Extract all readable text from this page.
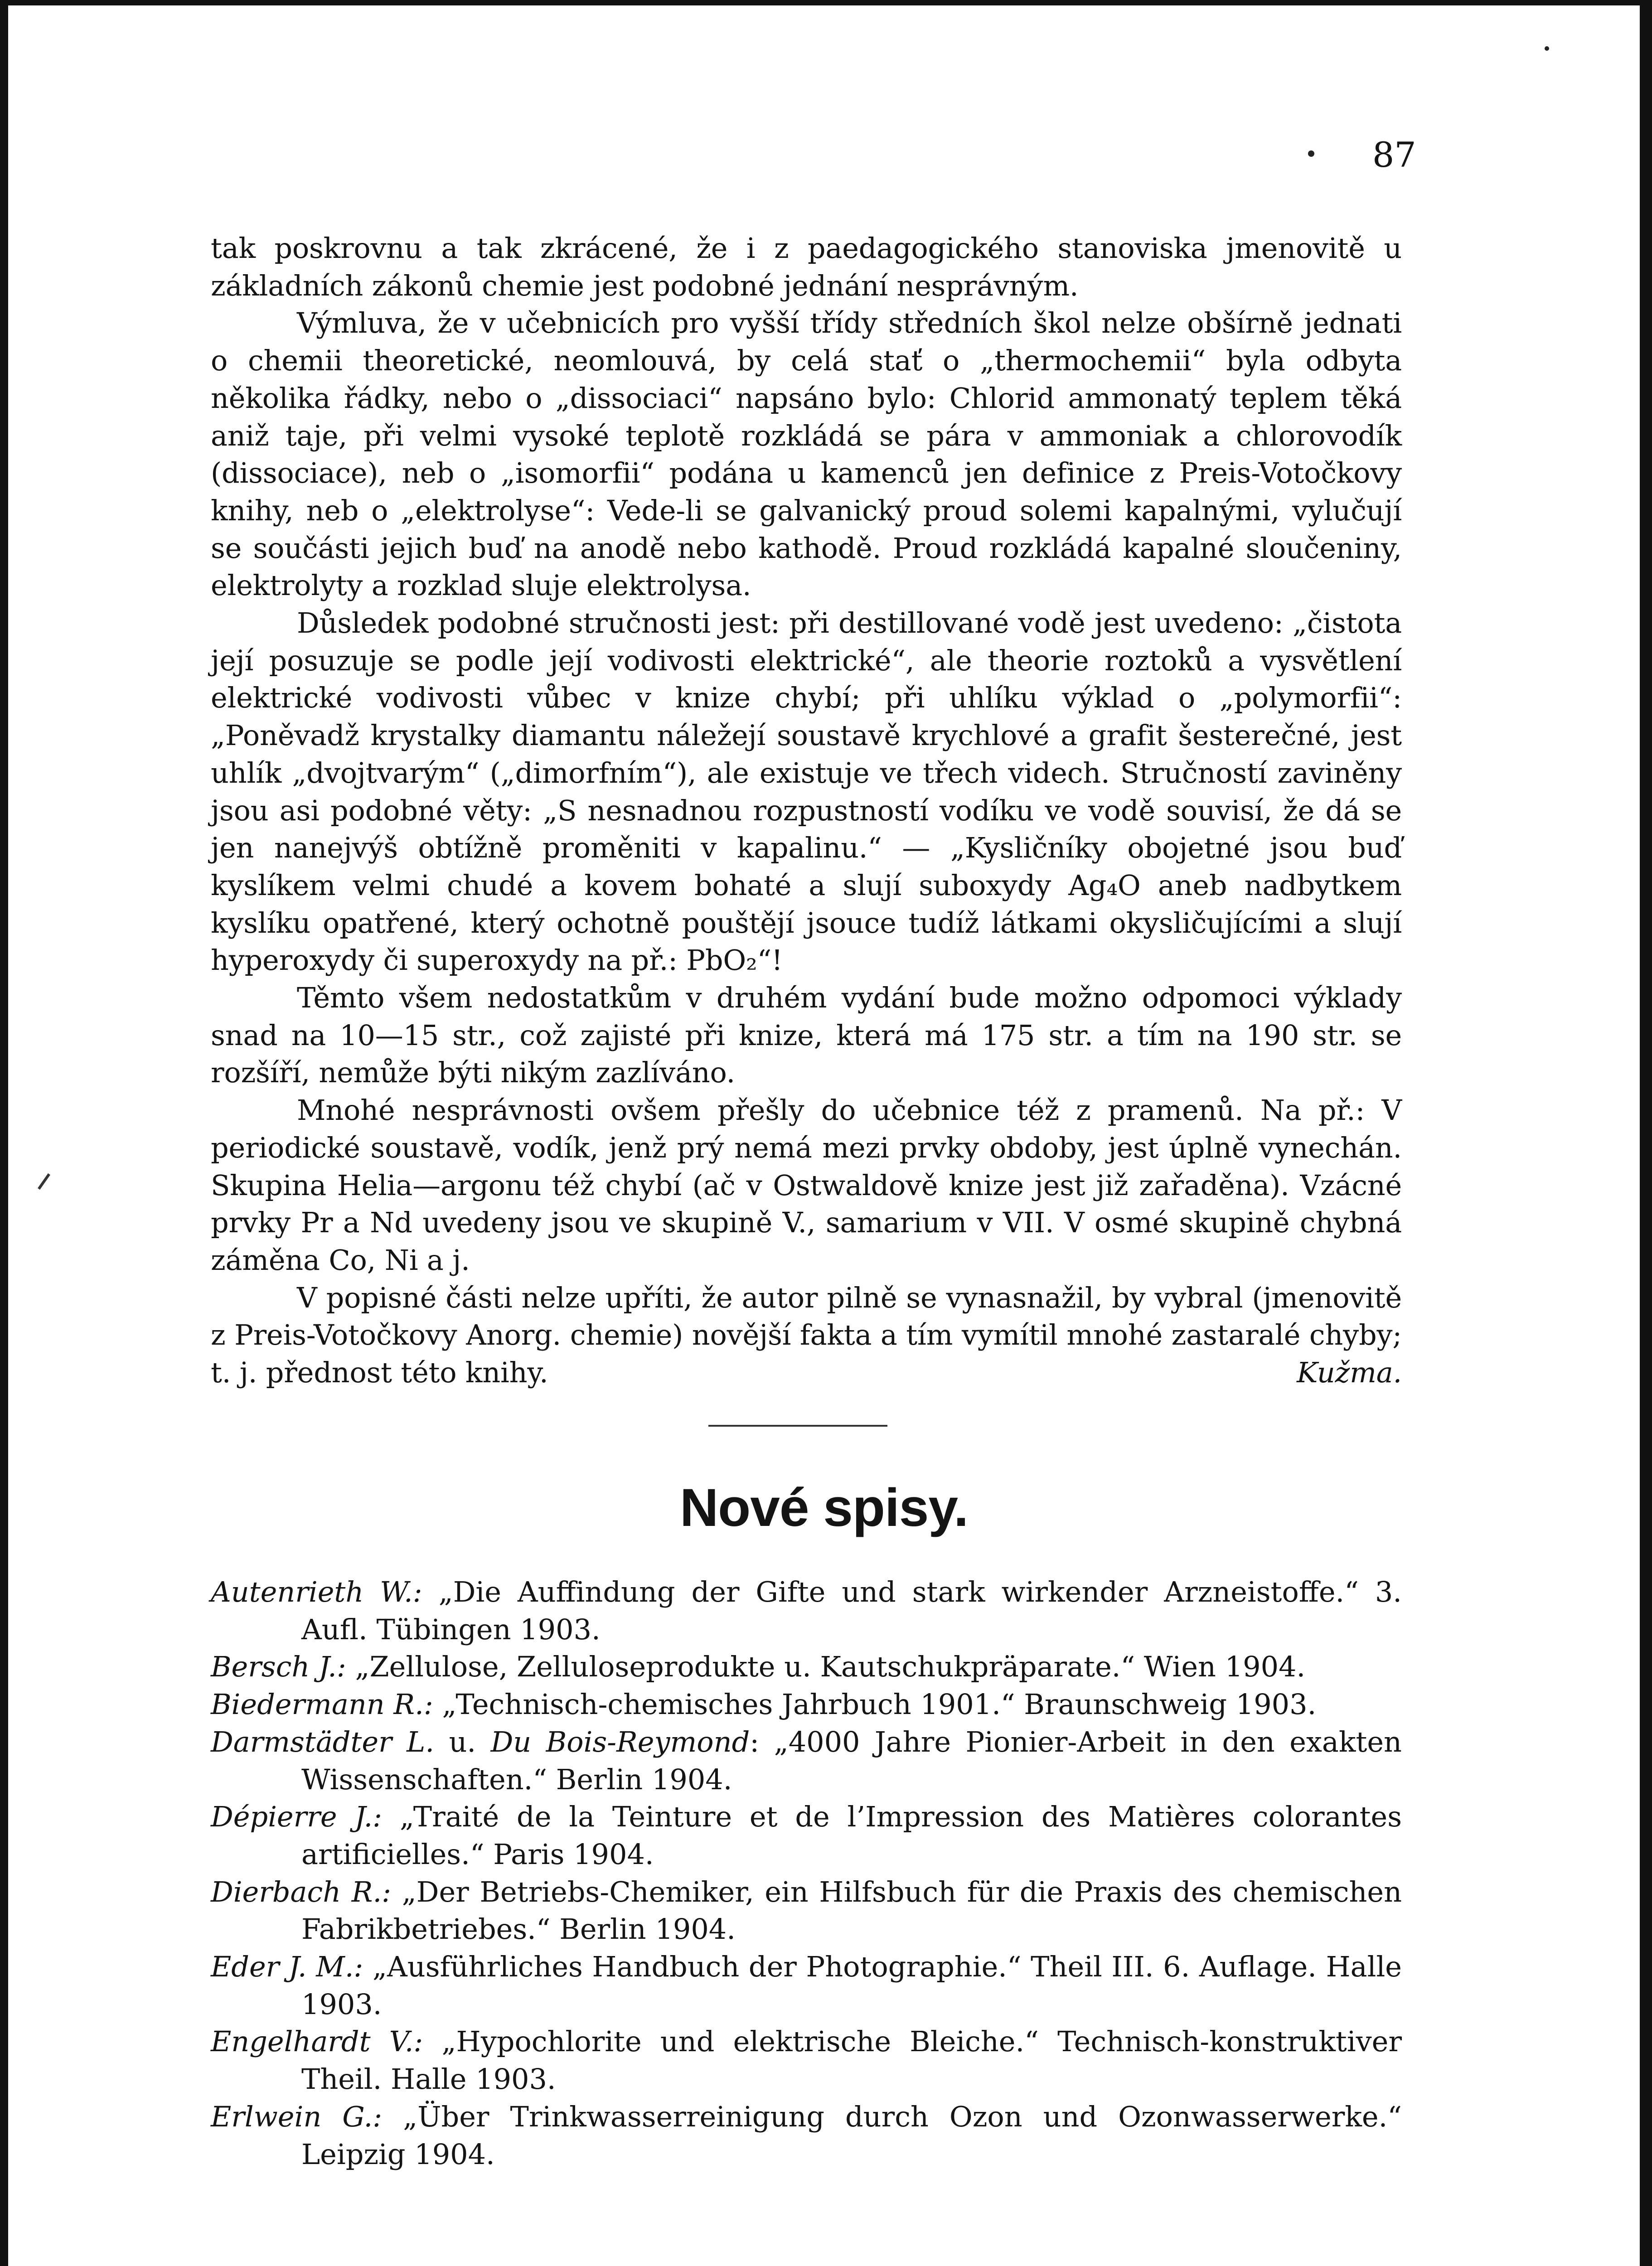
87

tak poskrovnu a tak zkrácené, že i z paedagogického stanoviska jmenovitě u základních zákonů chemie jest podobné jednání nesprávným.

Výmluva, že v učebnicích pro vyšší třídy středních škol nelze obšírně jednati o chemii theoretické, neomlouvá, by celá stať o „thermochemii“ byla odbyta několika řádky, nebo o „dissociaci“ napsáno bylo: Chlorid ammonatý teplem těká aniž taje, při velmi vysoké teplotě rozkládá se pára v ammoniak a chlorovodík (dissociace), neb o „isomorfii“ podána u kamenců jen definice z Preis-Votočkovy knihy, neb o „elektrolyse“: Vede-li se galvanický proud solemi kapalnými, vylučují se součásti jejich buď na anodě nebo kathodě. Proud rozkládá kapalné sloučeniny, elektrolyty a rozklad sluje elektrolysa.

Důsledek podobné stručnosti jest: při destillované vodě jest uvedeno: „čistota její posuzuje se podle její vodivosti elektrické“, ale theorie roztoků a vysvětlení elektrické vodivosti vůbec v knize chybí; při uhlíku výklad o „polymorfii“: „Poněvadž krystalky diamantu náležejí soustavě krychlové a grafit šesterečné, jest uhlík „dvojtvarým“ („dimorfním“), ale existuje ve třech videch. Stručností zaviněny jsou asi podobné věty: „S nesnadnou rozpustností vodíku ve vodě souvisí, že dá se jen nanejvýš obtížně proměniti v kapalinu.“ — „Kysličníky obojetné jsou buď kyslíkem velmi chudé a kovem bohaté a slují suboxydy Ag₄O aneb nadbytkem kyslíku opatřené, který ochotně pouštějí jsouce tudíž látkami okysličujícími a slují hyperoxydy či superoxydy na př.: PbO₂“!

Těmto všem nedostatkům v druhém vydání bude možno odpomoci výklady snad na 10—15 str., což zajisté při knize, která má 175 str. a tím na 190 str. se rozšíří, nemůže býti nikým zazlíváno.

Mnohé nesprávnosti ovšem přešly do učebnice též z pramenů. Na př.: V periodické soustavě, vodík, jenž prý nemá mezi prvky obdoby, jest úplně vynechán. Skupina Helia—argonu též chybí (ač v Ostwaldově knize jest již zařaděna). Vzácné prvky Pr a Nd uvedeny jsou ve skupině V., samarium v VII. V osmé skupině chybná záměna Co, Ni a j.

V popisné části nelze upříti, že autor pilně se vynasnažil, by vybral (jmenovitě z Preis-Votočkovy Anorg. chemie) novější fakta a tím vymítil mnohé zastaralé chyby; t. j. přednost této knihy.	Kužma.

Nové spisy.

Autenrieth W.: „Die Auffindung der Gifte und stark wirkender Arzneistoffe.“ 3. Aufl. Tübingen 1903.

Bersch J.: „Zellulose, Zelluloseprodukte u. Kautschukpräparate.“ Wien 1904.

Biedermann R.: „Technisch-chemisches Jahrbuch 1901.“ Braunschweig 1903.

Darmstädter L. u. Du Bois-Reymond: „4000 Jahre Pionier-Arbeit in den exakten Wissenschaften.“ Berlin 1904.

Dépierre J.: „Traité de la Teinture et de l’Impression des Matières colorantes artificielles.“ Paris 1904.

Dierbach R.: „Der Betriebs-Chemiker, ein Hilfsbuch für die Praxis des chemischen Fabrikbetriebes.“ Berlin 1904.

Eder J. M.: „Ausführliches Handbuch der Photographie.“ Theil III. 6. Auflage. Halle 1903.

Engelhardt V.: „Hypochlorite und elektrische Bleiche.“ Technisch-konstruktiver Theil. Halle 1903.

Erlwein G.: „Über Trinkwasserreinigung durch Ozon und Ozonwasserwerke.“ Leipzig 1904.
